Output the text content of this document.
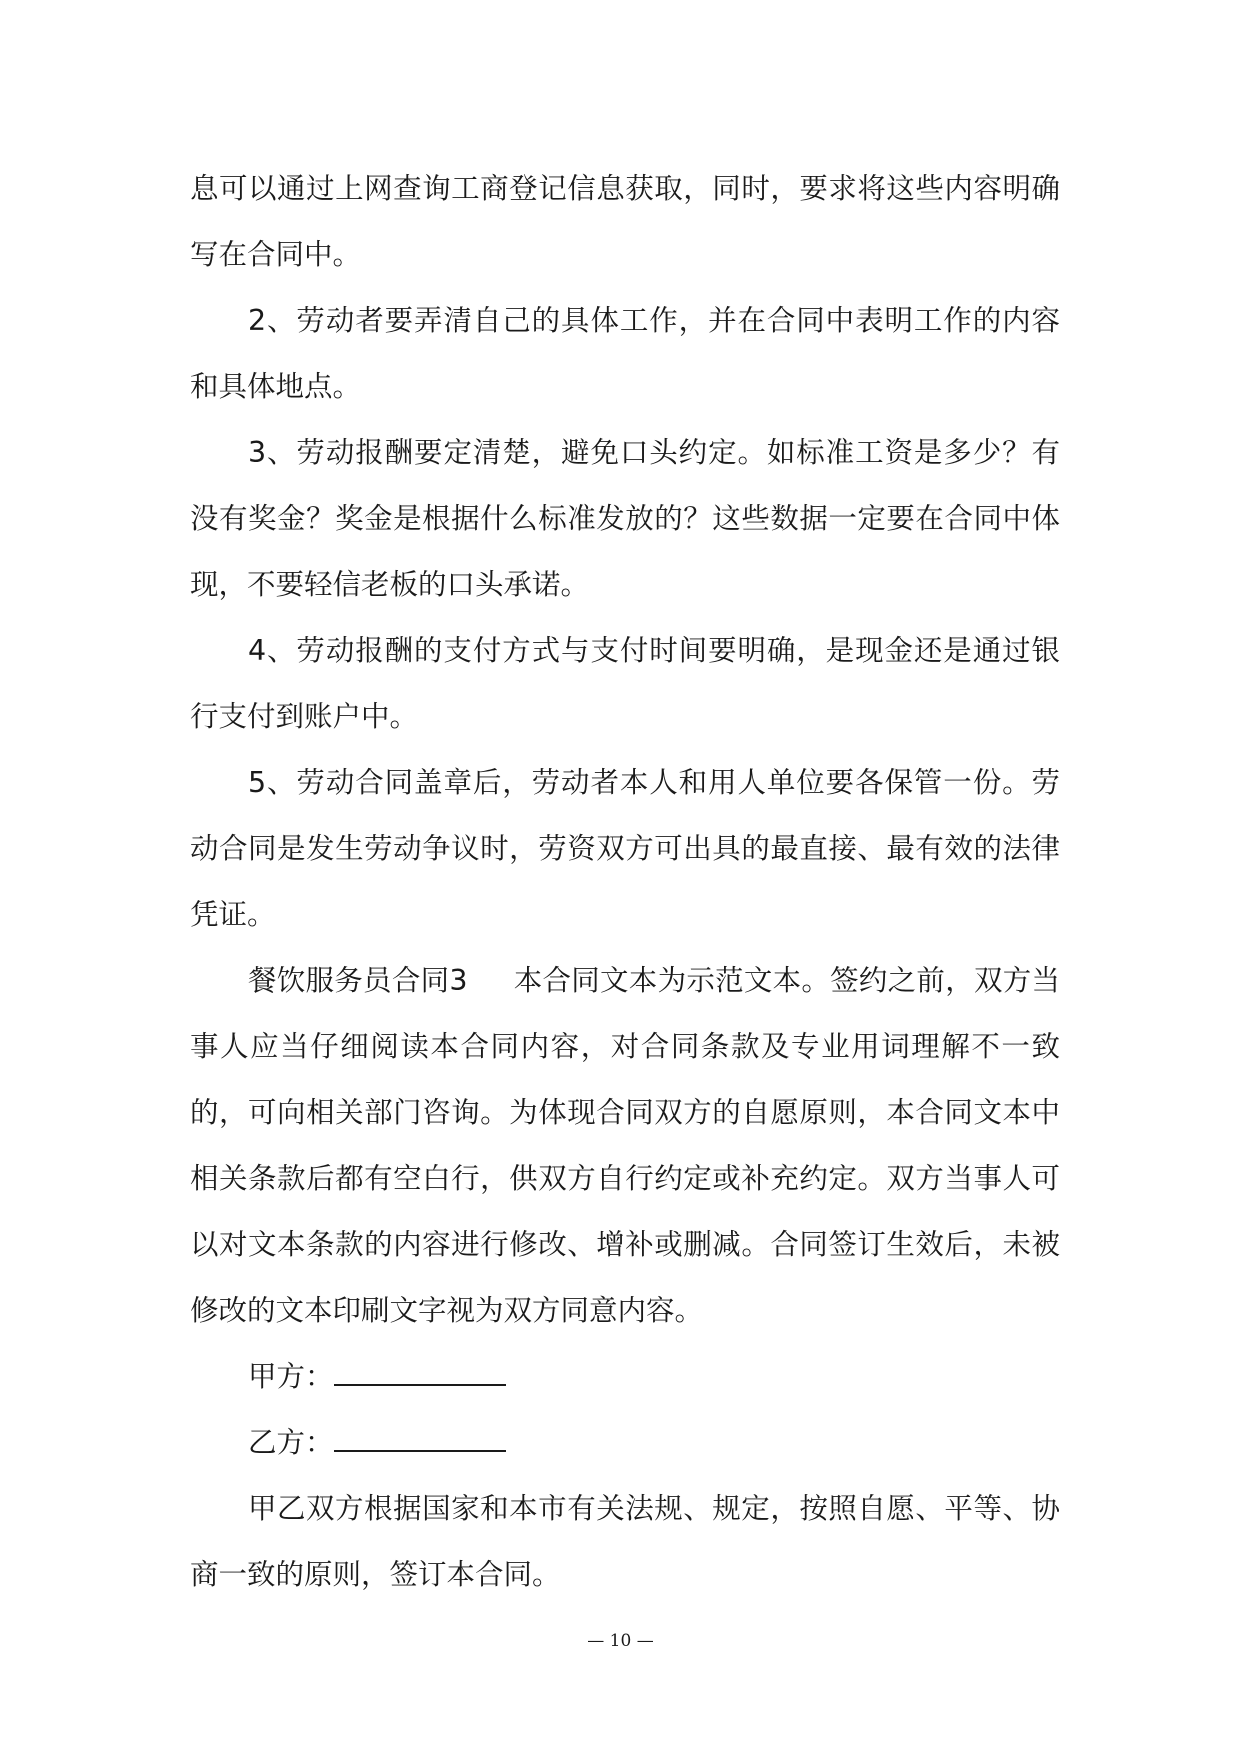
息可以通过上网查询工商登记信息获取，同时，要求将这些内容明确写在合同中。

2、劳动者要弄清自己的具体工作，并在合同中表明工作的内容和具体地点。

3、劳动报酬要定清楚，避免口头约定。如标准工资是多少？有没有奖金？奖金是根据什么标准发放的？这些数据一定要在合同中体现，不要轻信老板的口头承诺。

4、劳动报酬的支付方式与支付时间要明确，是现金还是通过银行支付到账户中。

5、劳动合同盖章后，劳动者本人和用人单位要各保管一份。劳动合同是发生劳动争议时，劳资双方可出具的最直接、最有效的法律凭证。

餐饮服务员合同3 本合同文本为示范文本。签约之前，双方当事人应当仔细阅读本合同内容，对合同条款及专业用词理解不一致的，可向相关部门咨询。为体现合同双方的自愿原则，本合同文本中相关条款后都有空白行，供双方自行约定或补充约定。双方当事人可以对文本条款的内容进行修改、增补或删减。合同签订生效后，未被修改的文本印刷文字视为双方同意内容。

甲方：

乙方：

甲乙双方根据国家和本市有关法规、规定，按照自愿、平等、协商一致的原则，签订本合同。

— 10 —
